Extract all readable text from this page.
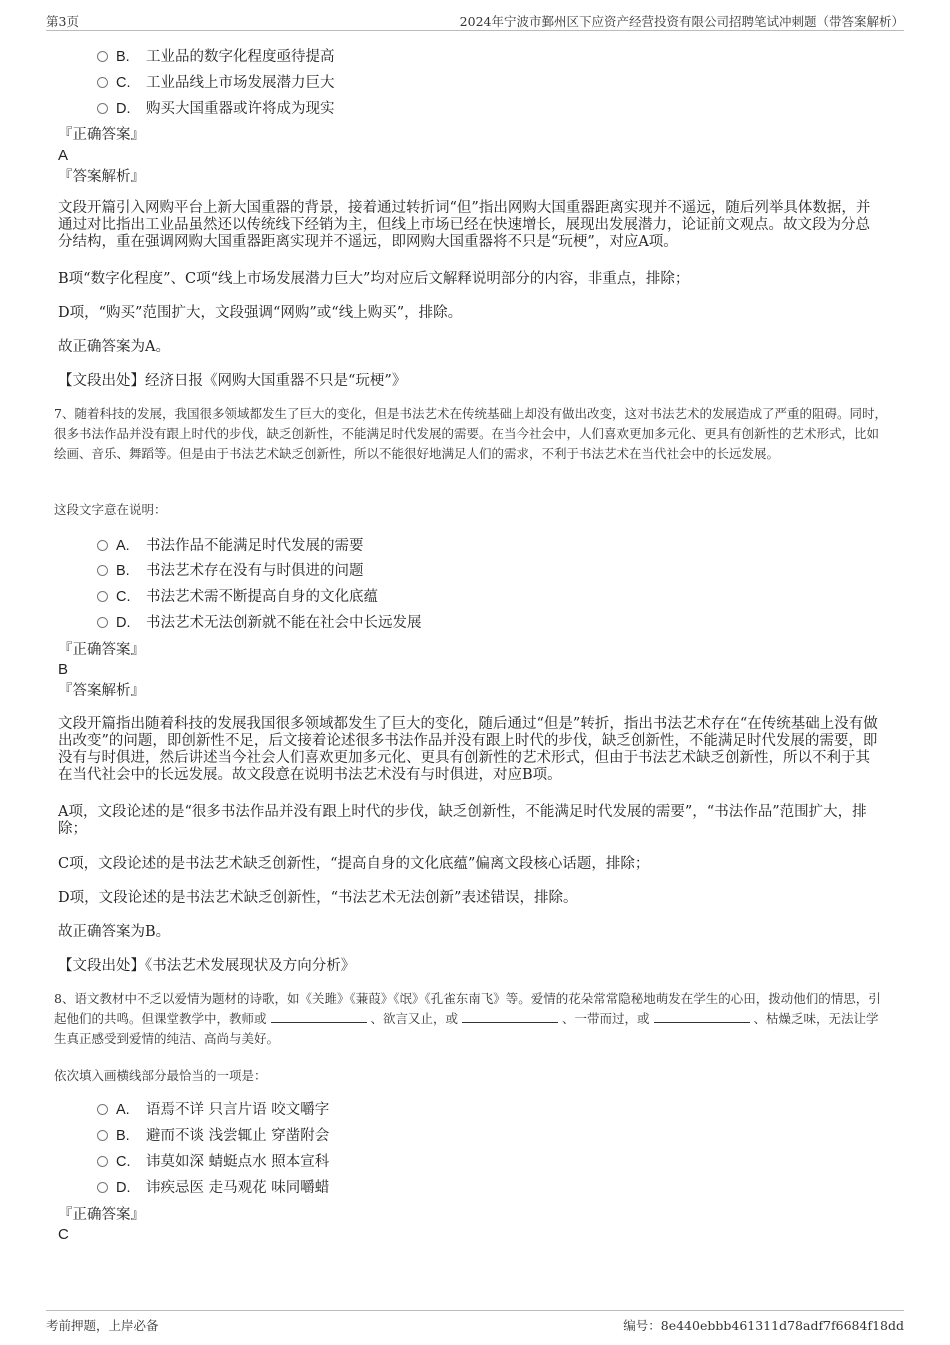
第3页	2024年宁波市鄞州区下应资产经营投资有限公司招聘笔试冲刺题（带答案解析）
B. 工业品的数字化程度亟待提高
C. 工业品线上市场发展潜力巨大
D. 购买大国重器或许将成为现实
『正确答案』
A
『答案解析』
文段开篇引入网购平台上新大国重器的背景，接着通过转折词“但”指出网购大国重器距离实现并不遥远，随后列举具体数据，并通过对比指出工业品虽然还以传统线下经销为主，但线上市场已经在快速增长，展现出发展潜力，论证前文观点。故文段为分总分结构，重在强调网购大国重器距离实现并不遥远，即网购大国重器将不只是“玩梗”，对应A项。
B项“数字化程度”、C项“线上市场发展潜力巨大”均对应后文解释说明部分的内容，非重点，排除；
D项，“购买”范围扩大，文段强调“网购”或“线上购买”，排除。
故正确答案为A。
【文段出处】经济日报《网购大国重器不只是“玩梗”》
7、随着科技的发展，我国很多领域都发生了巨大的变化，但是书法艺术在传统基础上却没有做出改变，这对书法艺术的发展造成了严重的阻碍。同时，很多书法作品并没有跟上时代的步伐，缺乏创新性，不能满足时代发展的需要。在当今社会中，人们喜欢更加多元化、更具有创新性的艺术形式，比如绘画、音乐、舞蹈等。但是由于书法艺术缺乏创新性，所以不能很好地满足人们的需求，不利于书法艺术在当代社会中的长远发展。
这段文字意在说明：
A. 书法作品不能满足时代发展的需要
B. 书法艺术存在没有与时俱进的问题
C. 书法艺术需不断提高自身的文化底蕴
D. 书法艺术无法创新就不能在社会中长远发展
『正确答案』
B
『答案解析』
文段开篇指出随着科技的发展我国很多领域都发生了巨大的变化，随后通过“但是”转折，指出书法艺术存在“在传统基础上没有做出改变”的问题，即创新性不足，后文接着论述很多书法作品并没有跟上时代的步伐，缺乏创新性，不能满足时代发展的需要，即没有与时俱进，然后讲述当今社会人们喜欢更加多元化、更具有创新性的艺术形式，但由于书法艺术缺乏创新性，所以不利于其在当代社会中的长远发展。故文段意在说明书法艺术没有与时俱进，对应B项。
A项，文段论述的是“很多书法作品并没有跟上时代的步伐，缺乏创新性，不能满足时代发展的需要”，“书法作品”范围扩大，排除；
C项，文段论述的是书法艺术缺乏创新性，“提高自身的文化底蕴”偏离文段核心话题，排除；
D项，文段论述的是书法艺术缺乏创新性，“书法艺术无法创新”表述错误，排除。
故正确答案为B。
【文段出处】《书法艺术发展现状及方向分析》
8、语文教材中不乏以爱情为题材的诗歌，如《关雎》《蒹葭》《氓》《孔雀东南飞》等。爱情的花朵常常隐秘地萌发在学生的心田，拨动他们的情思，引起他们的共鸣。但课堂教学中，教师或	、欲言又止，或	、一带而过，或	、枯燥乏味，无法让学生真正感受到爱情的纯洁、高尚与美好。
依次填入画横线部分最恰当的一项是：
A. 语焉不详 只言片语 咬文嚼字
B. 避而不谈 浅尝辄止 穿凿附会
C. 讳莫如深 蜻蜓点水 照本宣科
D. 讳疾忌医 走马观花 味同嚼蜡
『正确答案』
C
考前押题，上岸必备	编号：8e440ebbb461311d78adf7f6684f18dd
